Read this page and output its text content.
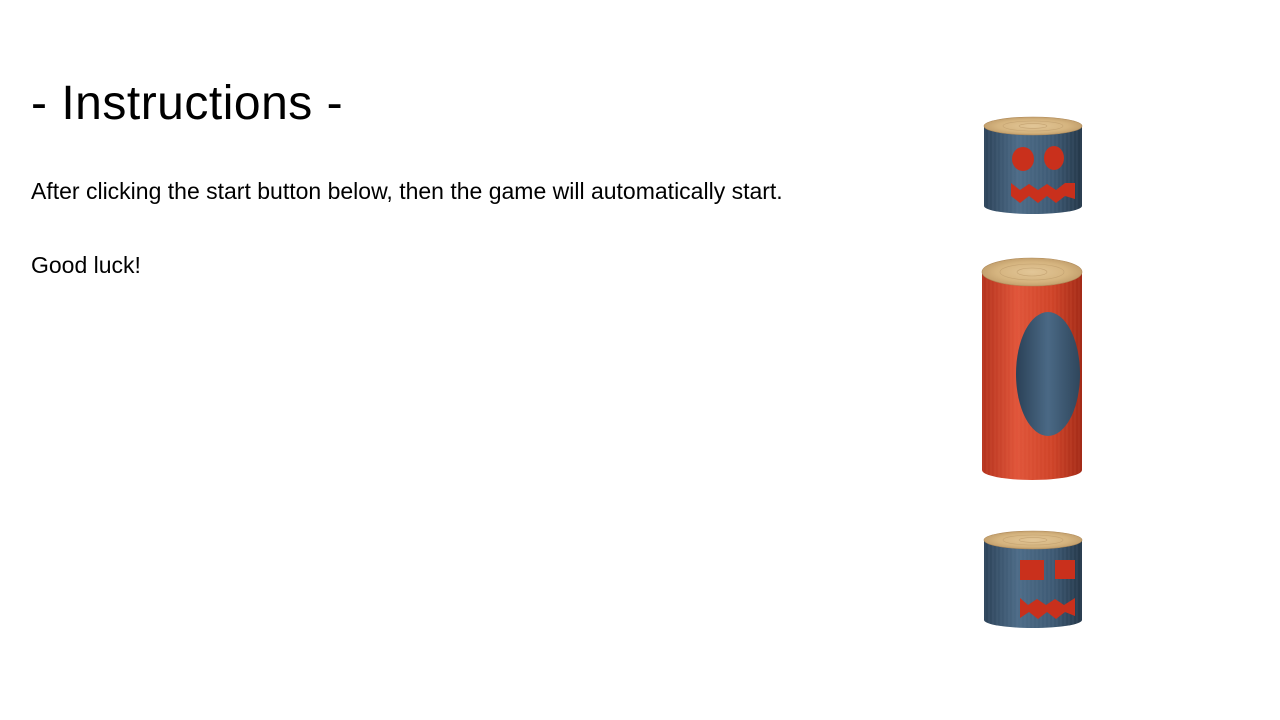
- Instructions -

After clicking the start button below, then the game will automatically start.

Good luck!
